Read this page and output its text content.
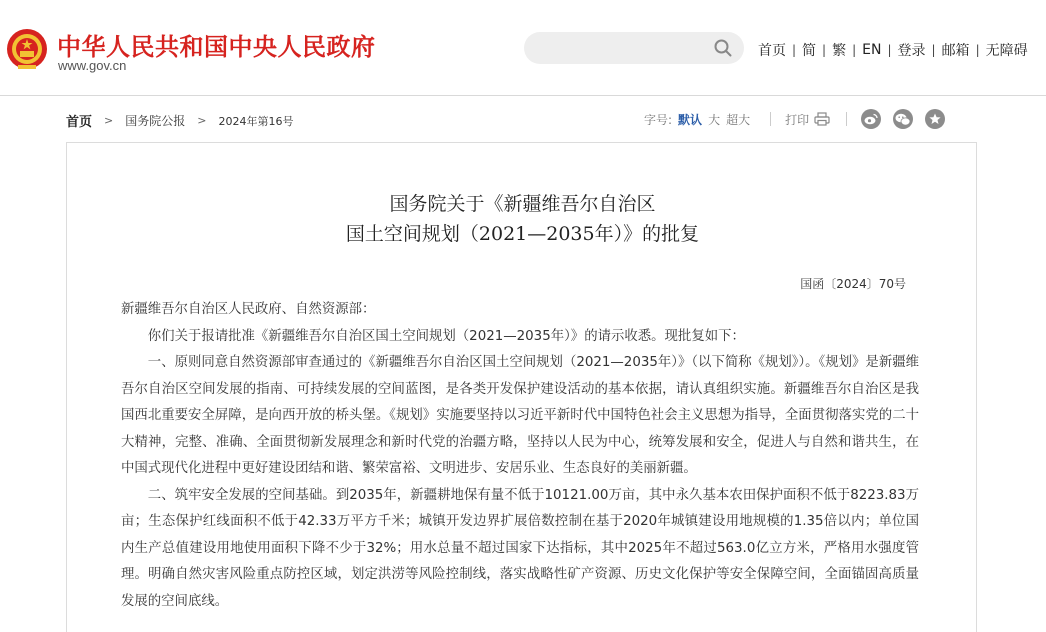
中华人民共和国中央人民政府
www.gov.cn
首页 | 简 | 繁 | EN | 登录 | 邮箱 | 无障碍
首页 > 国务院公报 > 2024年第16号	字号: 默认 大 超大	打印
国务院关于《新疆维吾尔自治区
国土空间规划（2021—2035年）》的批复
国函〔2024〕70号

新疆维吾尔自治区人民政府、自然资源部：

你们关于报请批准《新疆维吾尔自治区国土空间规划（2021—2035年）》的请示收悉。现批复如下：

一、原则同意自然资源部审查通过的《新疆维吾尔自治区国土空间规划（2021—2035年）》（以下简称《规划》）。《规划》是新疆维吾尔自治区空间发展的指南、可持续发展的空间蓝图，是各类开发保护建设活动的基本依据，请认真组织实施。新疆维吾尔自治区是我国西北重要安全屏障，是向西开放的桥头堡。《规划》实施要坚持以习近平新时代中国特色社会主义思想为指导，全面贯彻落实党的二十大精神，完整、准确、全面贯彻新发展理念和新时代党的治疆方略，坚持以人民为中心，统筹发展和安全，促进人与自然和谐共生，在中国式现代化进程中更好建设团结和谐、繁荣富裕、文明进步、安居乐业、生态良好的美丽新疆。

二、筑牢安全发展的空间基础。到2035年，新疆耕地保有量不低于10121.00万亩，其中永久基本农田保护面积不低于8223.83万亩；生态保护红线面积不低于42.33万平方千米；城镇开发边界扩展倍数控制在基于2020年城镇建设用地规模的1.35倍以内；单位国内生产总值建设用地使用面积下降不少于32%；用水总量不超过国家下达指标，其中2025年不超过563.0亿立方米，严格用水强度管理。明确自然灾害风险重点防控区域，划定洪涝等风险控制线，落实战略性矿产资源、历史文化保护等安全保障空间，全面锚固高质量发展的空间底线。
